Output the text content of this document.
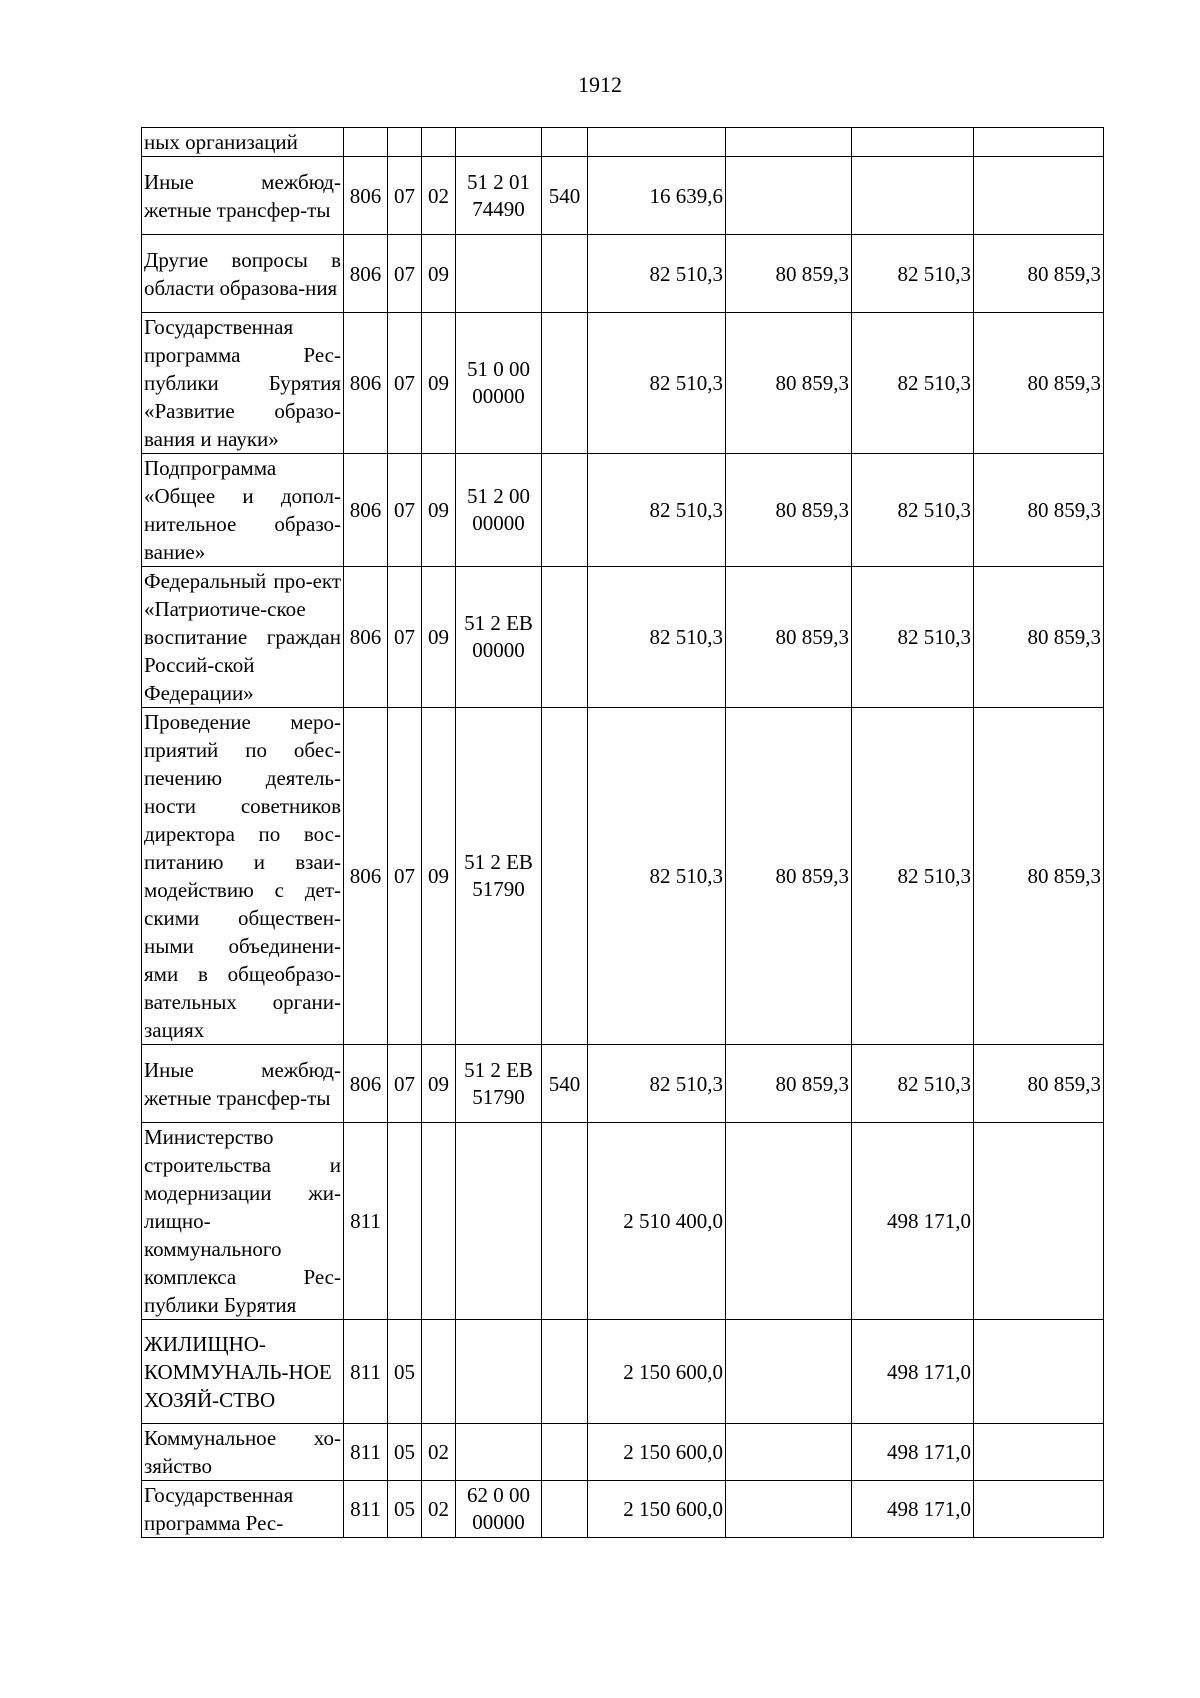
1912
ных организаций									
Иные межбюд-жетные трансфер-ты	806	07	02	51 2 01 74490	540	16 639,6			
Другие вопросы в области образова-ния	806	07	09			82 510,3	80 859,3	82 510,3	80 859,3
Государственная программа Рес-публики Бурятия «Развитие образо-вания и науки»	806	07	09	51 0 00 00000		82 510,3	80 859,3	82 510,3	80 859,3
Подпрограмма «Общее и допол-нительное образо-вание»	806	07	09	51 2 00 00000		82 510,3	80 859,3	82 510,3	80 859,3
Федеральный про-ект «Патриотиче-ское воспитание граждан Россий-ской Федерации»	806	07	09	51 2 ЕВ 00000		82 510,3	80 859,3	82 510,3	80 859,3
Проведение меро-приятий по обес-печению деятель-ности советников директора по вос-питанию и взаи-модействию с дет-скими обществен-ными объединени-ями в общеобразо-вательных органи-зациях	806	07	09	51 2 ЕВ 51790		82 510,3	80 859,3	82 510,3	80 859,3
Иные межбюд-жетные трансфер-ты	806	07	09	51 2 ЕВ 51790	540	82 510,3	80 859,3	82 510,3	80 859,3
Министерство строительства и модернизации жи-лищно-коммунального комплекса Рес-публики Бурятия	811					2 510 400,0		498 171,0	
ЖИЛИЩНО-КОММУНАЛЬ-НОЕ ХОЗЯЙ-СТВО	811	05				2 150 600,0		498 171,0	
Коммунальное хо-зяйство	811	05	02			2 150 600,0		498 171,0	
Государственная программа Рес-	811	05	02	62 0 00 00000		2 150 600,0		498 171,0	
